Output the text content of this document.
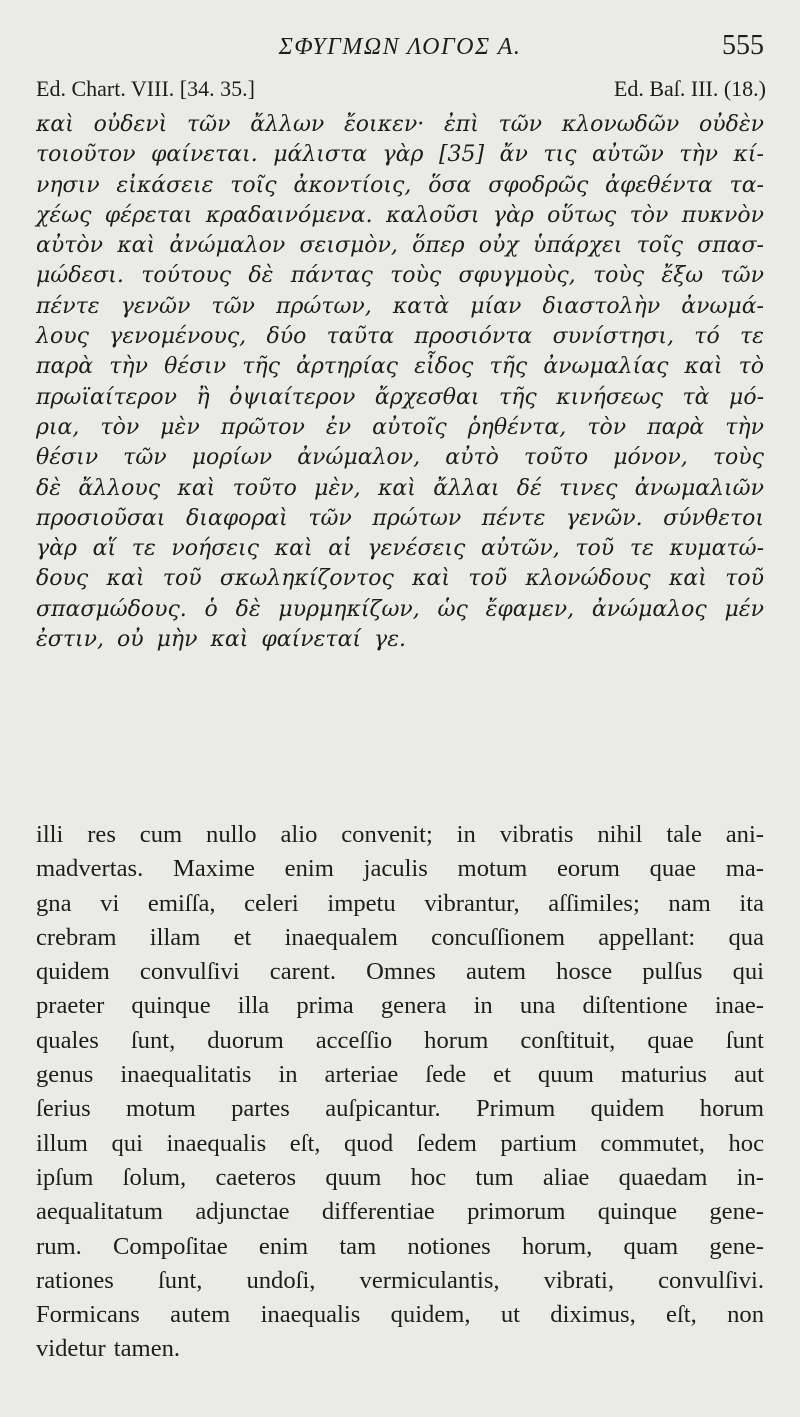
ΣΦΥΓΜΩΝ ΛΟΓΟΣ Α.	555
Ed. Chart. VIII. [34. 35.]	Ed. Baſ. III. (18.)
καὶ οὐδενὶ τῶν ἄλλων ἔοικεν· ἐπὶ τῶν κλονωδῶν οὐδὲν
τοιοῦτον φαίνεται. μάλιστα γὰρ [35] ἄν τις αὐτῶν τὴν κί-
νησιν εἰκάσειε τοῖς ἀκοντίοις, ὅσα σφοδρῶς ἀφεθέντα τα-
χέως φέρεται κραδαινόμενα. καλοῦσι γὰρ οὕτως τὸν πυκνὸν
αὐτὸν καὶ ἀνώμαλον σεισμὸν, ὅπερ οὐχ ὑπάρχει τοῖς σπασ-
μώδεσι. τούτους δὲ πάντας τοὺς σφυγμοὺς, τοὺς ἔξω τῶν
πέντε γενῶν τῶν πρώτων, κατὰ μίαν διαστολὴν ἀνωμά-
λους γενομένους, δύο ταῦτα προσιόντα συνίστησι, τό τε
παρὰ τὴν θέσιν τῆς ἀρτηρίας εἶδος τῆς ἀνωμαλίας καὶ τὸ
πρωϊαίτερον ἢ ὀψιαίτερον ἄρχεσθαι τῆς κινήσεως τὰ μό-
ρια, τὸν μὲν πρῶτον ἐν αὐτοῖς ῥηθέντα, τὸν παρὰ τὴν
θέσιν τῶν μορίων ἀνώμαλον, αὐτὸ τοῦτο μόνον, τοὺς
δὲ ἄλλους καὶ τοῦτο μὲν, καὶ ἄλλαι δέ τινες ἀνωμαλιῶν
προσιοῦσαι διαφοραὶ τῶν πρώτων πέντε γενῶν. σύνθετοι
γὰρ αἵ τε νοήσεις καὶ αἱ γενέσεις αὐτῶν, τοῦ τε κυματώ-
δους καὶ τοῦ σκωληκίζοντος καὶ τοῦ κλονώδους καὶ τοῦ
σπασμώδους. ὁ δὲ μυρμηκίζων, ὡς ἔφαμεν, ἀνώμαλος μέν
ἐστιν, οὐ μὴν καὶ φαίνεταί γε.
illi res cum nullo alio convenit; in vibratis nihil tale ani-
madvertas. Maxime enim jaculis motum eorum quae ma-
gna vi emiſſa, celeri impetu vibrantur, aſſimiles; nam ita
crebram illam et inaequalem concuſſionem appellant: qua
quidem convulſivi carent. Omnes autem hosce pulſus qui
praeter quinque illa prima genera in una diſtentione inae-
quales ſunt, duorum acceſſio horum conſtituit, quae ſunt
genus inaequalitatis in arteriae ſede et quum maturius aut
ſerius motum partes auſpicantur. Primum quidem horum
illum qui inaequalis eſt, quod ſedem partium commutet, hoc
ipſum ſolum, caeteros quum hoc tum aliae quaedam in-
aequalitatum adjunctae differentiae primorum quinque gene-
rum. Compoſitae enim tam notiones horum, quam gene-
rationes ſunt, undoſi, vermiculantis, vibrati, convulſivi.
Formicans autem inaequalis quidem, ut diximus, eſt, non
videtur tamen.
